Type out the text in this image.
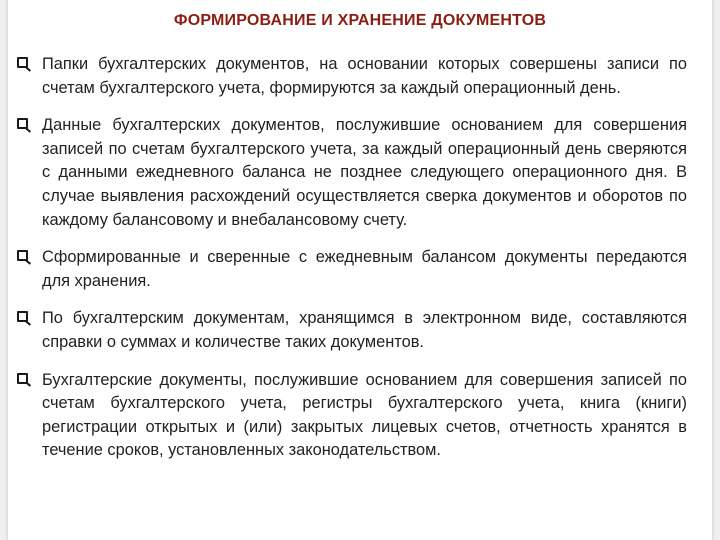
ФОРМИРОВАНИЕ И ХРАНЕНИЕ ДОКУМЕНТОВ
Папки бухгалтерских документов, на основании которых совершены записи по счетам бухгалтерского учета, формируются за каждый операционный день.
Данные бухгалтерских документов, послужившие основанием для совершения записей по счетам бухгалтерского учета, за каждый операционный день сверяются с данными ежедневного баланса не позднее следующего операционного дня. В случае выявления расхождений осуществляется сверка документов и оборотов по каждому балансовому и внебалансовому счету.
Сформированные и сверенные с ежедневным балансом документы передаются для хранения.
По бухгалтерским документам, хранящимся в электронном виде, составляются справки о суммах и количестве таких документов.
Бухгалтерские документы, послужившие основанием для совершения записей по счетам бухгалтерского учета, регистры бухгалтерского учета, книга (книги) регистрации открытых и (или) закрытых лицевых счетов, отчетность хранятся в течение сроков, установленных законодательством.
